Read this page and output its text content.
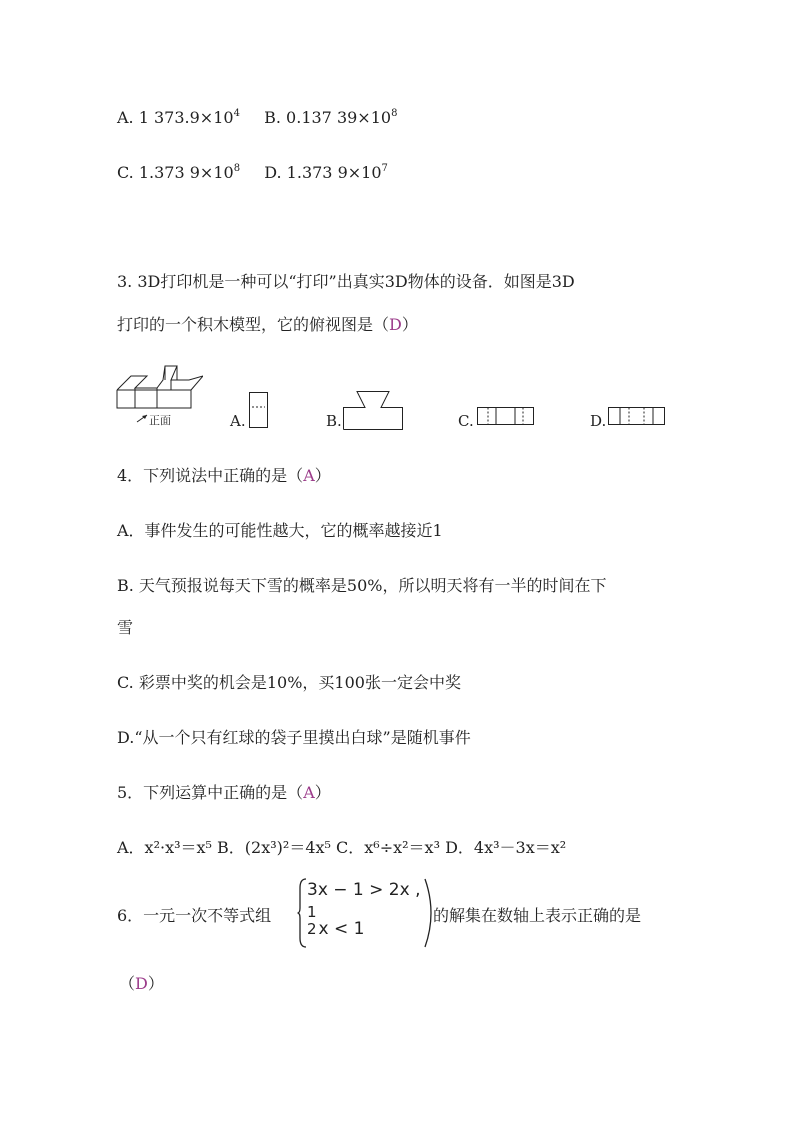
A. 1 $373.9\times 10^4$ B. 0.137 $39\times 10^8$
C. 1.373 $9\times 10^8$ D. 1.373 $9\times 10^7$
3. 3D打印机是一种可以“打印”出真实3D物体的设备．如图是3D
打印的一个积木模型，它的俯视图是（D）
正面	A.	B.	C.	D.
4．下列说法中正确的是（A）
A．事件发生的可能性越大，它的概率越接近1
B. 天气预报说每天下雪的概率是50%，所以明天将有一半的时间在下
雪
C. 彩票中奖的机会是10%，买100张一定会中奖
D.“从一个只有红球的袋子里摸出白球”是随机事件
5．下列运算中正确的是（A）
A．x²·x³＝x⁵ B．(2x³)²＝4x⁵ C．x⁶÷x²＝x³ D．4x³－3x＝x²
6．一元一次不等式组
3x − 1 > 2x ,
1
2 x < 1
的解集在数轴上表示正确的是
（D）
